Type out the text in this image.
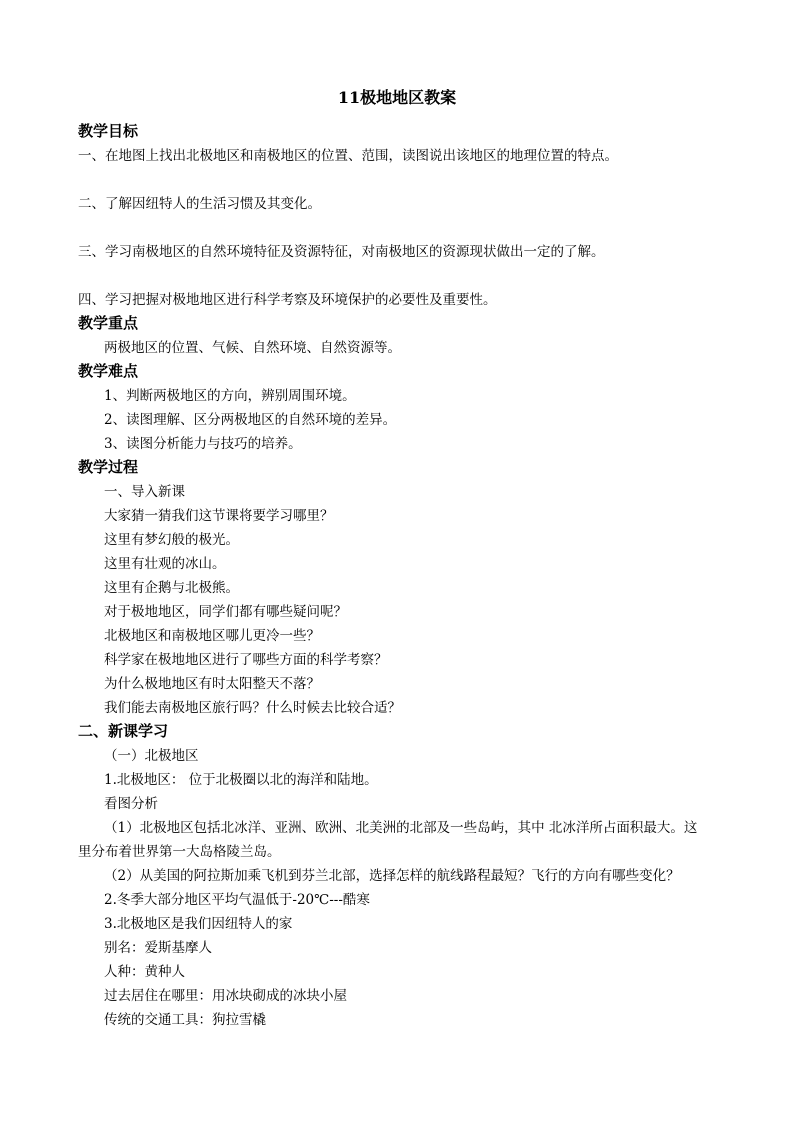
11极地地区教案
教学目标
一、在地图上找出北极地区和南极地区的位置、范围，读图说出该地区的地理位置的特点。
二、了解因纽特人的生活习惯及其变化。
三、学习南极地区的自然环境特征及资源特征，对南极地区的资源现状做出一定的了解。
四、学习把握对极地地区进行科学考察及环境保护的必要性及重要性。
教学重点
两极地区的位置、气候、自然环境、自然资源等。
教学难点
1、判断两极地区的方向，辨别周围环境。
2、读图理解、区分两极地区的自然环境的差异。
3、读图分析能力与技巧的培养。
教学过程
一、导入新课
大家猜一猜我们这节课将要学习哪里？
这里有梦幻般的极光。
这里有壮观的冰山。
这里有企鹅与北极熊。
对于极地地区，同学们都有哪些疑问呢？
北极地区和南极地区哪儿更冷一些？
科学家在极地地区进行了哪些方面的科学考察？
为什么极地地区有时太阳整天不落？
我们能去南极地区旅行吗？什么时候去比较合适？
二、新课学习
（一）北极地区
1.北极地区： 位于北极圈以北的海洋和陆地。
看图分析
（1）北极地区包括北冰洋、亚洲、欧洲、北美洲的北部及一些岛屿，其中 北冰洋所占面积最大。这
里分布着世界第一大岛格陵兰岛。
（2）从美国的阿拉斯加乘飞机到芬兰北部，选择怎样的航线路程最短？飞行的方向有哪些变化？
2.冬季大部分地区平均气温低于-20℃---酷寒
3.北极地区是我们因纽特人的家
别名：爱斯基摩人
人种：黄种人
过去居住在哪里：用冰块砌成的冰块小屋
传统的交通工具：狗拉雪橇
